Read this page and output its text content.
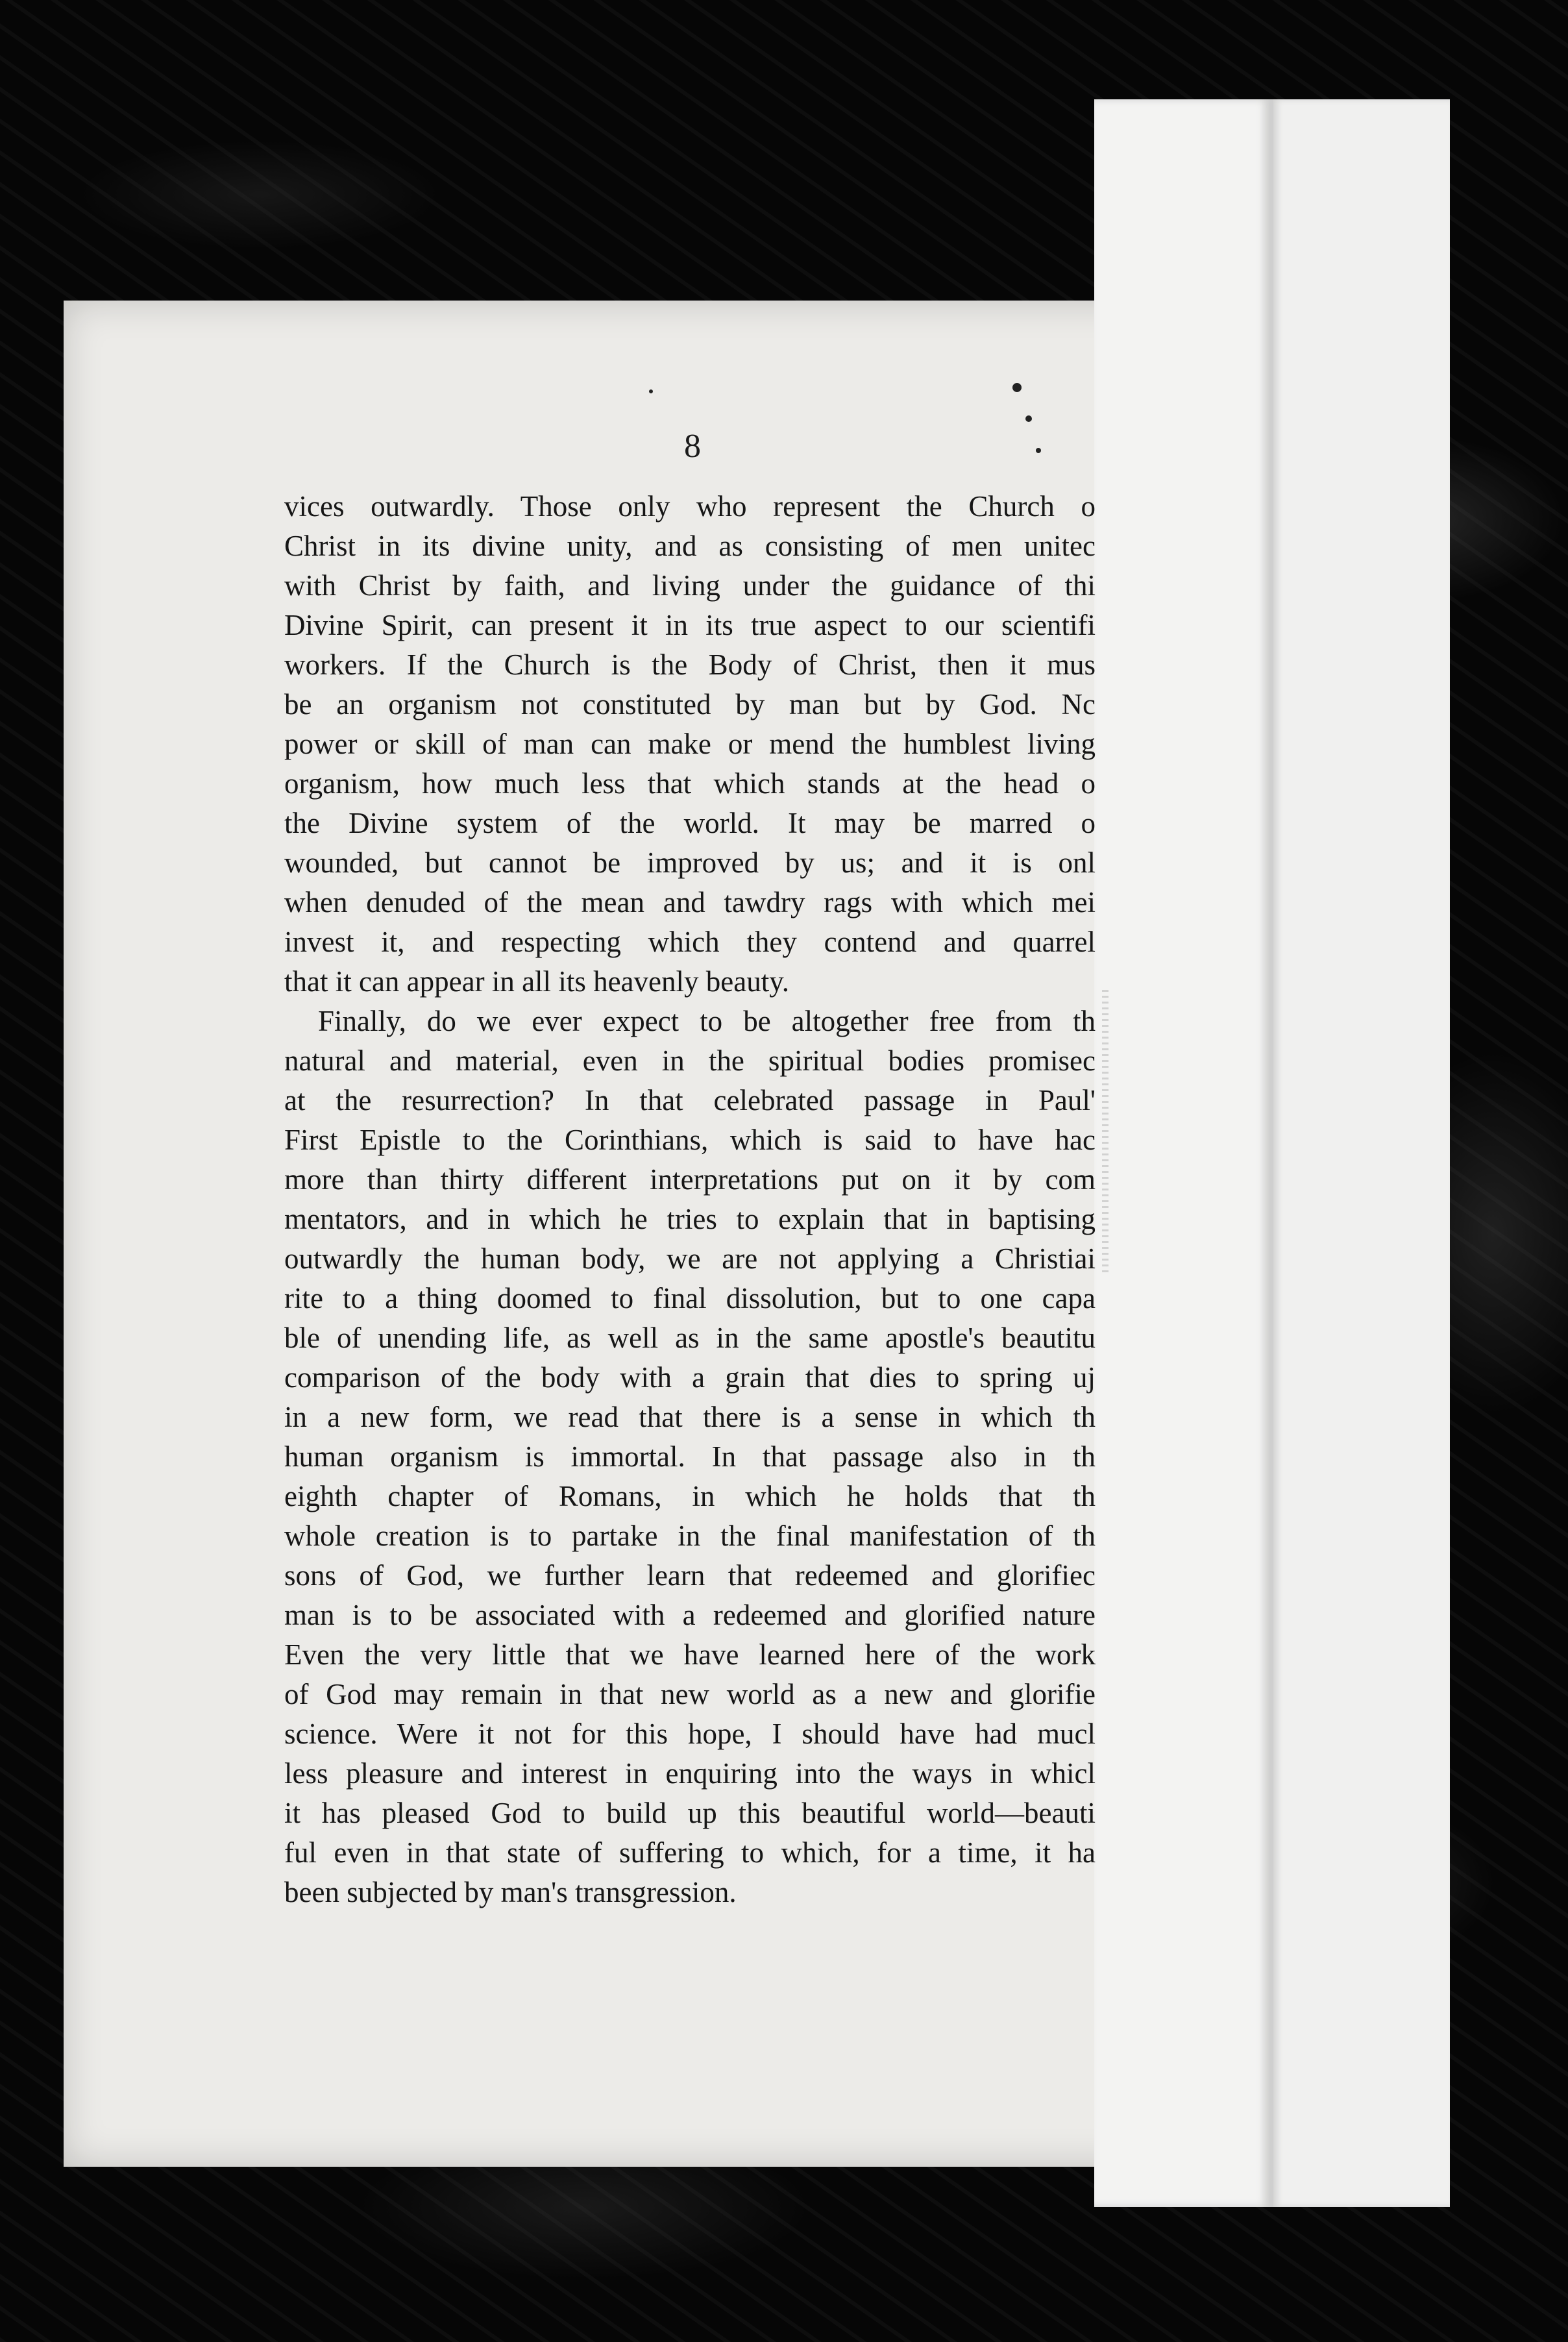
8
vices outwardly. Those only who represent the Church o
Christ in its divine unity, and as consisting of men unitec
with Christ by faith, and living under the guidance of thi
Divine Spirit, can present it in its true aspect to our scientifi
workers. If the Church is the Body of Christ, then it mus
be an organism not constituted by man but by God. Nc
power or skill of man can make or mend the humblest living
organism, how much less that which stands at the head o
the Divine system of the world. It may be marred o
wounded, but cannot be improved by us; and it is onl
when denuded of the mean and tawdry rags with which mei
invest it, and respecting which they contend and quarrel
that it can appear in all its heavenly beauty.
Finally, do we ever expect to be altogether free from th
natural and material, even in the spiritual bodies promisec
at the resurrection? In that celebrated passage in Paul'
First Epistle to the Corinthians, which is said to have hac
more than thirty different interpretations put on it by com
mentators, and in which he tries to explain that in baptising
outwardly the human body, we are not applying a Christiai
rite to a thing doomed to final dissolution, but to one capa
ble of unending life, as well as in the same apostle's beautitu
comparison of the body with a grain that dies to spring uj
in a new form, we read that there is a sense in which th
human organism is immortal. In that passage also in th
eighth chapter of Romans, in which he holds that th
whole creation is to partake in the final manifestation of th
sons of God, we further learn that redeemed and glorifiec
man is to be associated with a redeemed and glorified nature
Even the very little that we have learned here of the work
of God may remain in that new world as a new and glorifie
science. Were it not for this hope, I should have had mucl
less pleasure and interest in enquiring into the ways in whicl
it has pleased God to build up this beautiful world—beauti
ful even in that state of suffering to which, for a time, it ha
been subjected by man's transgression.
